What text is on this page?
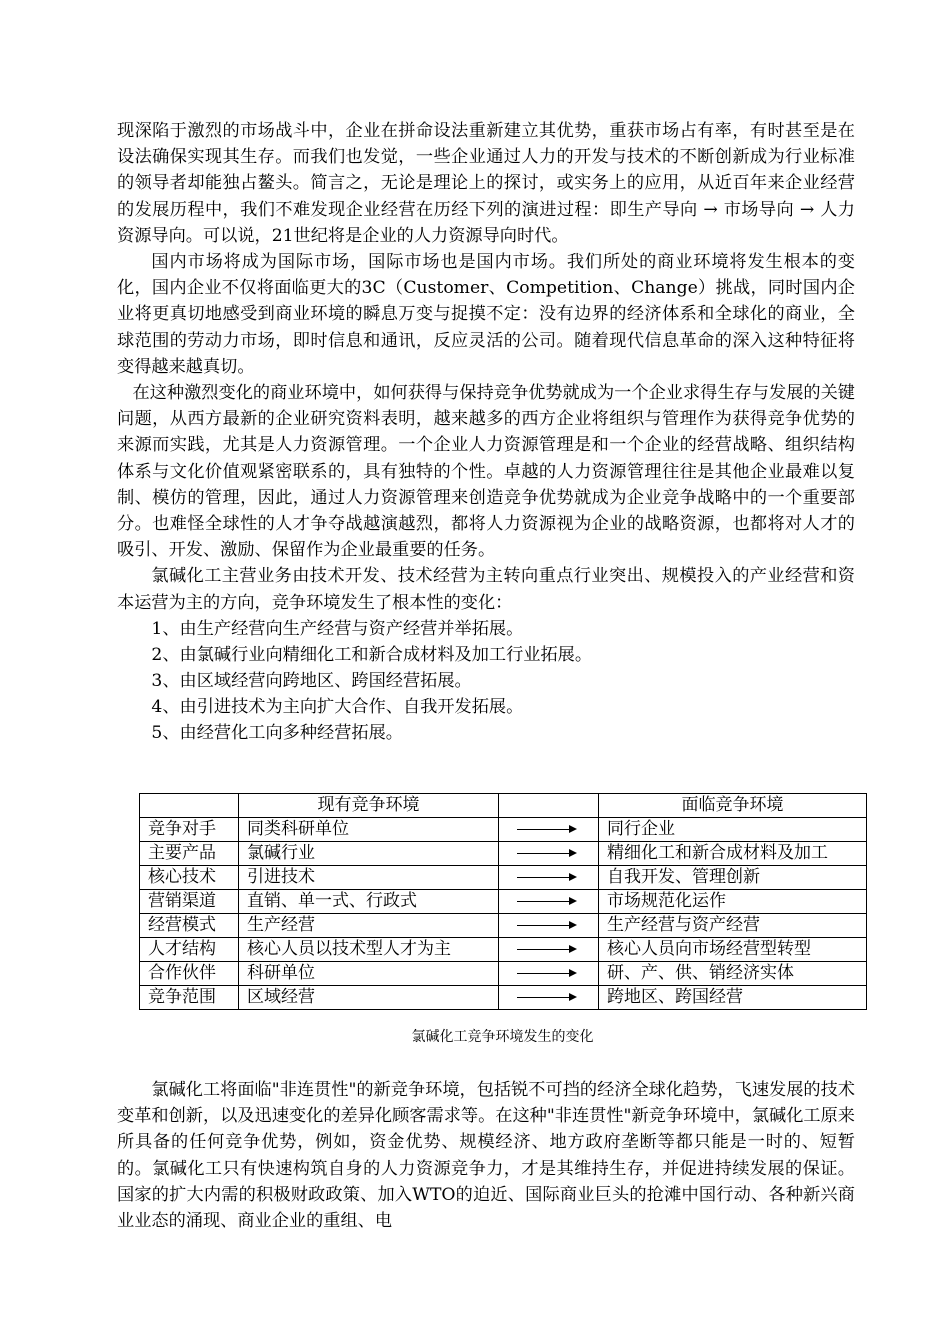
现深陷于激烈的市场战斗中，企业在拼命设法重新建立其优势，重获市场占有率，有时甚至是在设法确保实现其生存。而我们也发觉，一些企业通过人力的开发与技术的不断创新成为行业标准的领导者却能独占鳌头。简言之，无论是理论上的探讨，或实务上的应用，从近百年来企业经营的发展历程中，我们不难发现企业经营在历经下列的演进过程：即生产导向 → 市场导向 → 人力资源导向。可以说，21世纪将是企业的人力资源导向时代。

国内市场将成为国际市场，国际市场也是国内市场。我们所处的商业环境将发生根本的变化，国内企业不仅将面临更大的3C（Customer、Competition、Change）挑战，同时国内企业将更真切地感受到商业环境的瞬息万变与捉摸不定：没有边界的经济体系和全球化的商业，全球范围的劳动力市场，即时信息和通讯，反应灵活的公司。随着现代信息革命的深入这种特征将变得越来越真切。

在这种激烈变化的商业环境中，如何获得与保持竞争优势就成为一个企业求得生存与发展的关键问题，从西方最新的企业研究资料表明，越来越多的西方企业将组织与管理作为获得竞争优势的来源而实践，尤其是人力资源管理。一个企业人力资源管理是和一个企业的经营战略、组织结构体系与文化价值观紧密联系的，具有独特的个性。卓越的人力资源管理往往是其他企业最难以复制、模仿的管理，因此，通过人力资源管理来创造竞争优势就成为企业竞争战略中的一个重要部分。也难怪全球性的人才争夺战越演越烈，都将人力资源视为企业的战略资源，也都将对人才的吸引、开发、激励、保留作为企业最重要的任务。

氯碱化工主营业务由技术开发、技术经营为主转向重点行业突出、规模投入的产业经营和资本运营为主的方向，竞争环境发生了根本性的变化：

1、由生产经营向生产经营与资产经营并举拓展。
2、由氯碱行业向精细化工和新合成材料及加工行业拓展。
3、由区域经营向跨地区、跨国经营拓展。
4、由引进技术为主向扩大合作、自我开发拓展。
5、由经营化工向多种经营拓展。
	现有竞争环境		面临竞争环境
竞争对手	同类科研单位		同行企业
主要产品	氯碱行业		精细化工和新合成材料及加工
核心技术	引进技术		自我开发、管理创新
营销渠道	直销、单一式、行政式		市场规范化运作
经营模式	生产经营		生产经营与资产经营
人才结构	核心人员以技术型人才为主		核心人员向市场经营型转型
合作伙伴	科研单位		研、产、供、销经济实体
竞争范围	区域经营		跨地区、跨国经营
氯碱化工竞争环境发生的变化

氯碱化工将面临"非连贯性"的新竞争环境，包括锐不可挡的经济全球化趋势，飞速发展的技术变革和创新，以及迅速变化的差异化顾客需求等。在这种"非连贯性"新竞争环境中，氯碱化工原来所具备的任何竞争优势，例如，资金优势、规模经济、地方政府垄断等都只能是一时的、短暂的。氯碱化工只有快速构筑自身的人力资源竞争力，才是其维持生存，并促进持续发展的保证。国家的扩大内需的积极财政政策、加入WTO的迫近、国际商业巨头的抢滩中国行动、各种新兴商业业态的涌现、商业企业的重组、电
